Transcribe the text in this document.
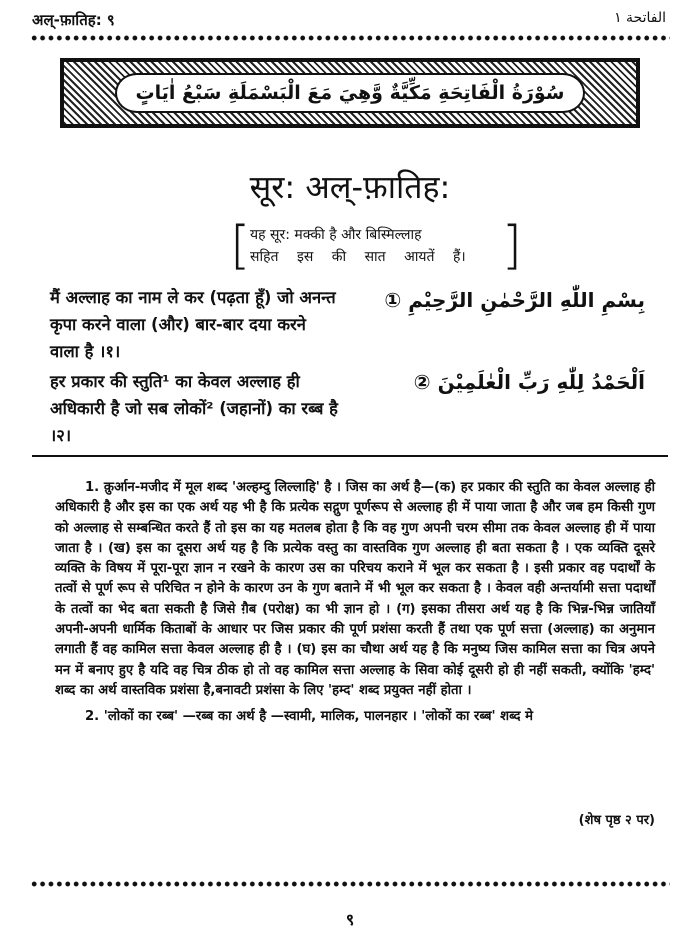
अल्-फ़ातिह: ९	الفاتحة ١
سُوْرَةُ الْفَاتِحَةِ مَكِّيَّةٌ وَّهِيَ مَعَ الْبَسْمَلَةِ سَبْعُ اٰيَاتٍ
सूर: अल्-फ़ातिह:
[ यह सूर: मक्की है और बिस्मिल्लाह
सहित इस की सात आयतें हैं। ]
بِسْمِ اللّٰهِ الرَّحْمٰنِ الرَّحِيْمِ ①
मैं अल्लाह का नाम ले कर (पढ़ता हूँ) जो अनन्त कृपा करने वाला (और) बार-बार दया करने वाला है ।१।
اَلْحَمْدُ لِلّٰهِ رَبِّ الْعٰلَمِيْنَ ②
हर प्रकार की स्तुति¹ का केवल अल्लाह ही अधिकारी है जो सब लोकों² (जहानों) का रब्ब है ।२।

1. क़ुर्आन-मजीद में मूल शब्द 'अल्हम्दु लिल्लाहि' है । जिस का अर्थ है—(क) हर प्रकार की स्तुति का केवल अल्लाह ही अधिकारी है और इस का एक अर्थ यह भी है कि प्रत्येक सद्गुण पूर्णरूप से अल्लाह ही में पाया जाता है और जब हम किसी गुण को अल्लाह से सम्बन्धित करते हैं तो इस का यह मतलब होता है कि वह गुण अपनी चरम सीमा तक केवल अल्लाह ही में पाया जाता है । (ख) इस का दूसरा अर्थ यह है कि प्रत्येक वस्तु का वास्तविक गुण अल्लाह ही बता सकता है । एक व्यक्ति दूसरे व्यक्ति के विषय में पूरा-पूरा ज्ञान न रखने के कारण उस का परिचय कराने में भूल कर सकता है । इसी प्रकार वह पदार्थों के तत्वों से पूर्ण रूप से परिचित न होने के कारण उन के गुण बताने में भी भूल कर सकता है । केवल वही अन्तर्यामी सत्ता पदार्थों के तत्वों का भेद बता सकती है जिसे ग़ैब (परोक्ष) का भी ज्ञान हो । (ग) इसका तीसरा अर्थ यह है कि भिन्न-भिन्न जातियाँ अपनी-अपनी धार्मिक किताबों के आधार पर जिस प्रकार की पूर्ण प्रशंसा करती हैं तथा एक पूर्ण सत्ता (अल्लाह) का अनुमान लगाती हैं वह कामिल सत्ता केवल अल्लाह ही है । (घ) इस का चौथा अर्थ यह है कि मनुष्य जिस कामिल सत्ता का चित्र अपने मन में बनाए हुए है यदि वह चित्र ठीक हो तो वह कामिल सत्ता अल्लाह के सिवा कोई दूसरी हो ही नहीं सकती, क्योंकि 'हम्द' शब्द का अर्थ वास्तविक प्रशंसा है,बनावटी प्रशंसा के लिए 'हम्द' शब्द प्रयुक्त नहीं होता ।

2. 'लोकों का रब्ब' —रब्ब का अर्थ है —स्वामी, मालिक, पालनहार । 'लोकों का रब्ब' शब्द मे

(शेष पृष्ठ २ पर)
९
